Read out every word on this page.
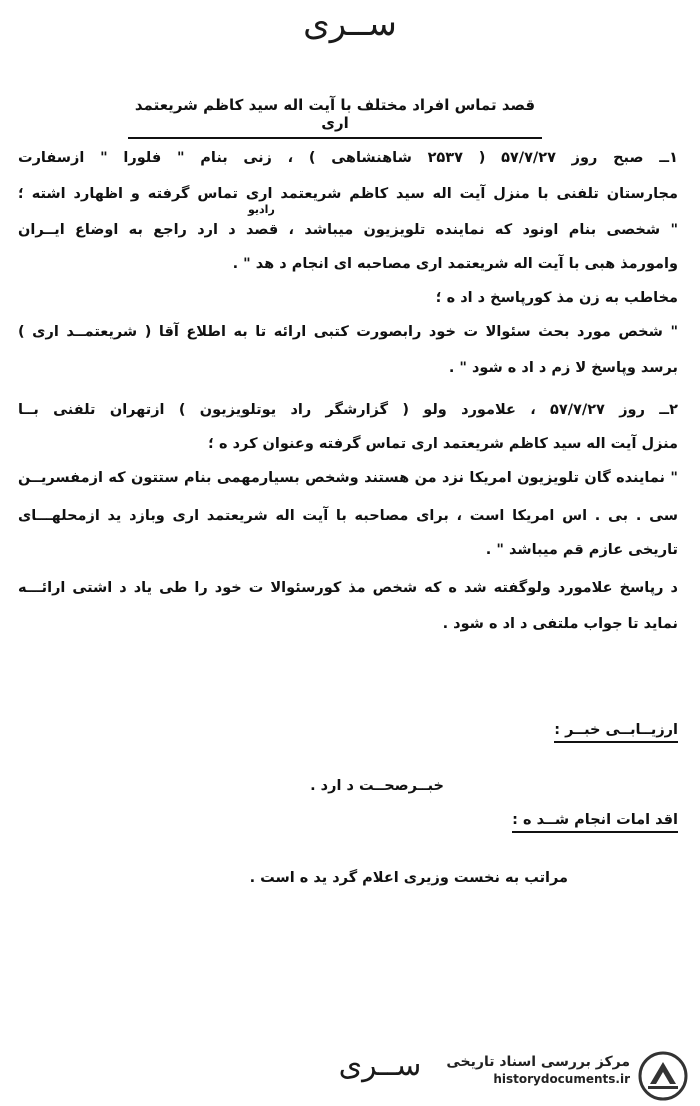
ســری
قصد تماس افراد مختلف با آیت اله سید کاظم شریعتمد اری
۱ــ صبح روز ۵۷/۷/۲۷ ( ۲۵۳۷ شاهنشاهی ) ، زنی بنام " فلورا " ازسفارت
مجارستان تلفنی با منزل آیت اله سید کاظم شریعتمد اری تماس گرفته و اظهارد اشته ؛
رادیو
" شخصی بنام اونود که نماینده تلویزیون میباشد ، قصد د ارد راجع به اوضاع ایــران
وامورمذ هبی با آیت اله شریعتمد اری مصاحبه ای انجام د هد " .
مخاطب به زن مذ کورپاسخ د اد ه ؛
" شخص مورد بحث سئوالا ت خود رابصورت کتبی ارائه تا به اطلاع آقا ( شریعتمــد اری )
برسد وپاسخ لا زم د اد ه شود " .
۲ــ روز ۵۷/۷/۲۷ ، علامورد ولو ( گزارشگر راد یوتلویزیون ) ازتهران تلفنی بــا
منزل آیت اله سید کاظم شریعتمد اری تماس گرفته وعنوان کرد ه ؛
" نماینده گان تلویزیون امریکا نزد من هستند وشخص بسیارمهمی بنام ستتون که ازمفسریــن
سی . بی . اس امریکا است ، برای مصاحبه با آیت اله شریعتمد اری وبازد ید ازمحلهـــای
تاریخی عازم قم میباشد " .
د رپاسخ علامورد ولوگفته شد ه که شخص مذ کورسئوالا ت خود را طی یاد د اشتی ارائـــه
نماید تا جواب ملتفی د اد ه شود .
ارزیــابــی خبــر :
خبــرصحــت د ارد .
اقد امات انجام شــد ه :
مراتب به نخست وزیری اعلام گرد ید ه است .
ســری	مرکز بررسی اسناد تاریخی
historydocuments.ir
